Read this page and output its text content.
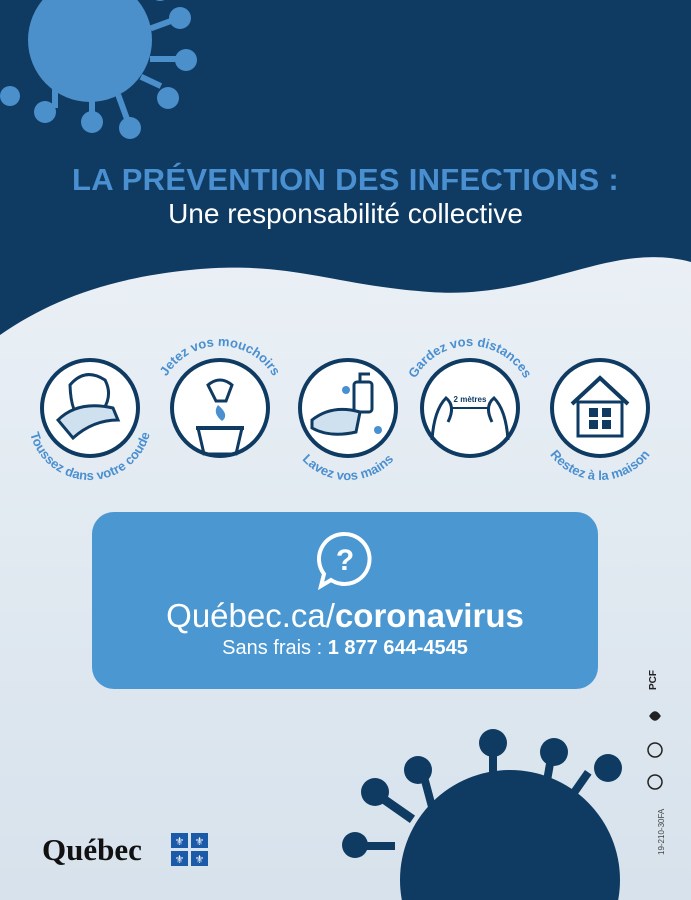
⚜ ⚜
⚜ ⚜
LA PRÉVENTION DES INFECTIONS :
Une responsabilité collective
Toussez dans votre coude
Jetez vos mouchoirs
Lavez vos mains
2 mètres
Gardez vos distances
Restez à la maison
?
Québec.ca/coronavirus
Sans frais : 1 877 644-4545
Québec
PCF
19-210-30FA
